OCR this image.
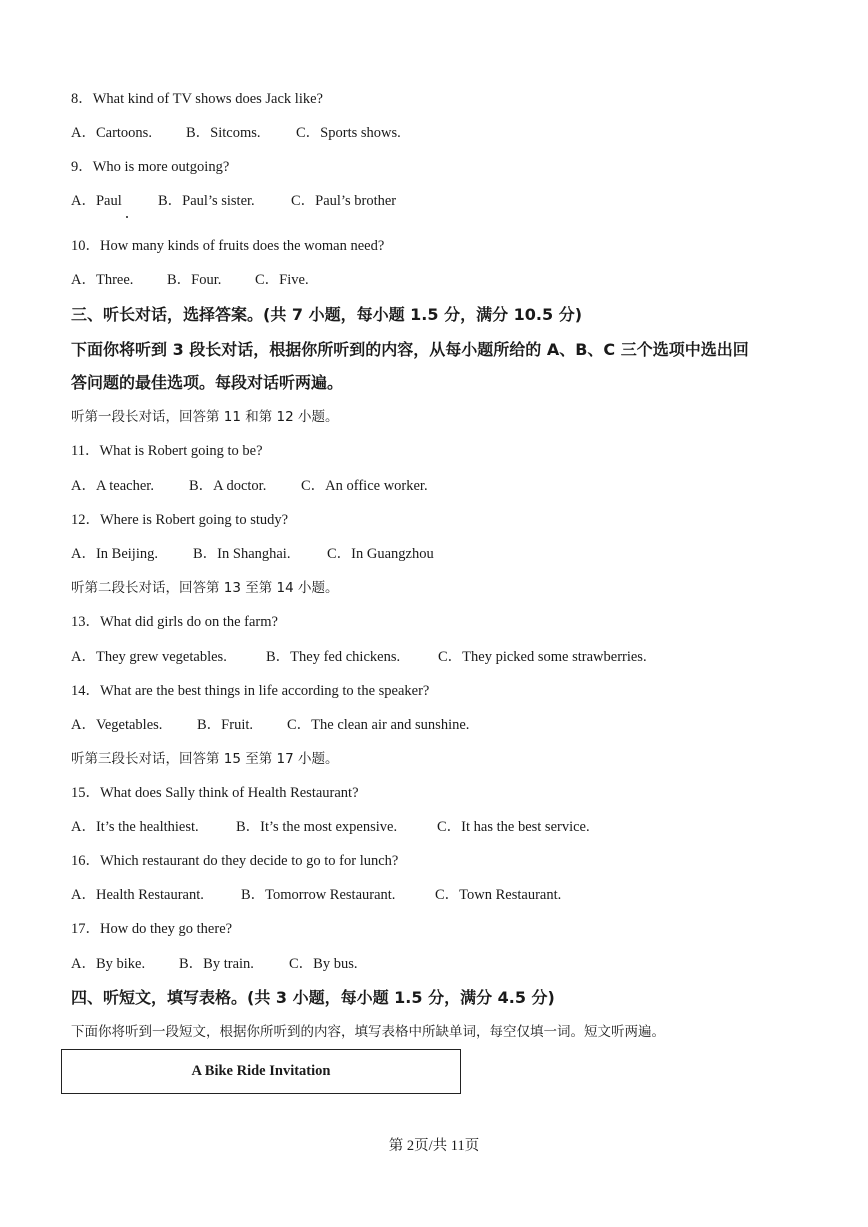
8．What kind of TV shows does Jack like?
A．Cartoons. B．Sitcoms. C．Sports shows.
9．Who is more outgoing?
A．Paul	B．Paul’s sister.	C．Paul’s brother
10．How many kinds of fruits does the woman need?
A．Three. B．Four. C．Five.
三、听长对话，选择答案。(共 7 小题，每小题 1.5 分，满分 10.5 分)
下面你将听到 3 段长对话，根据你所听到的内容，从每小题所给的 A、B、C 三个选项中选出回
答问题的最佳选项。每段对话听两遍。
听第一段长对话，回答第 11 和第 12 小题。
11．What is Robert going to be?
A．A teacher. B．A doctor. C．An office worker.
12．Where is Robert going to study?
A．In Beijing. B．In Shanghai.	C．In Guangzhou
听第二段长对话，回答第 13 至第 14 小题。
13．What did girls do on the farm?
A．They grew vegetables.	B．They fed chickens.	C．They picked some strawberries.
14．What are the best things in life according to the speaker?
A．Vegetables. B．Fruit. C．The clean air and sunshine.
听第三段长对话，回答第 15 至第 17 小题。
15．What does Sally think of Health Restaurant?
A．It’s the healthiest.	B．It’s the most expensive.	C．It has the best service.
16．Which restaurant do they decide to go to for lunch?
A．Health Restaurant.	B．Tomorrow Restaurant.	C．Town Restaurant.
17．How do they go there?
A．By bike. B．By train. C．By bus.
四、听短文，填写表格。(共 3 小题，每小题 1.5 分，满分 4.5 分)
下面你将听到一段短文，根据你所听到的内容，填写表格中所缺单词，每空仅填一词。短文听两遍。
A Bike Ride Invitation
第 2页/共 11页
